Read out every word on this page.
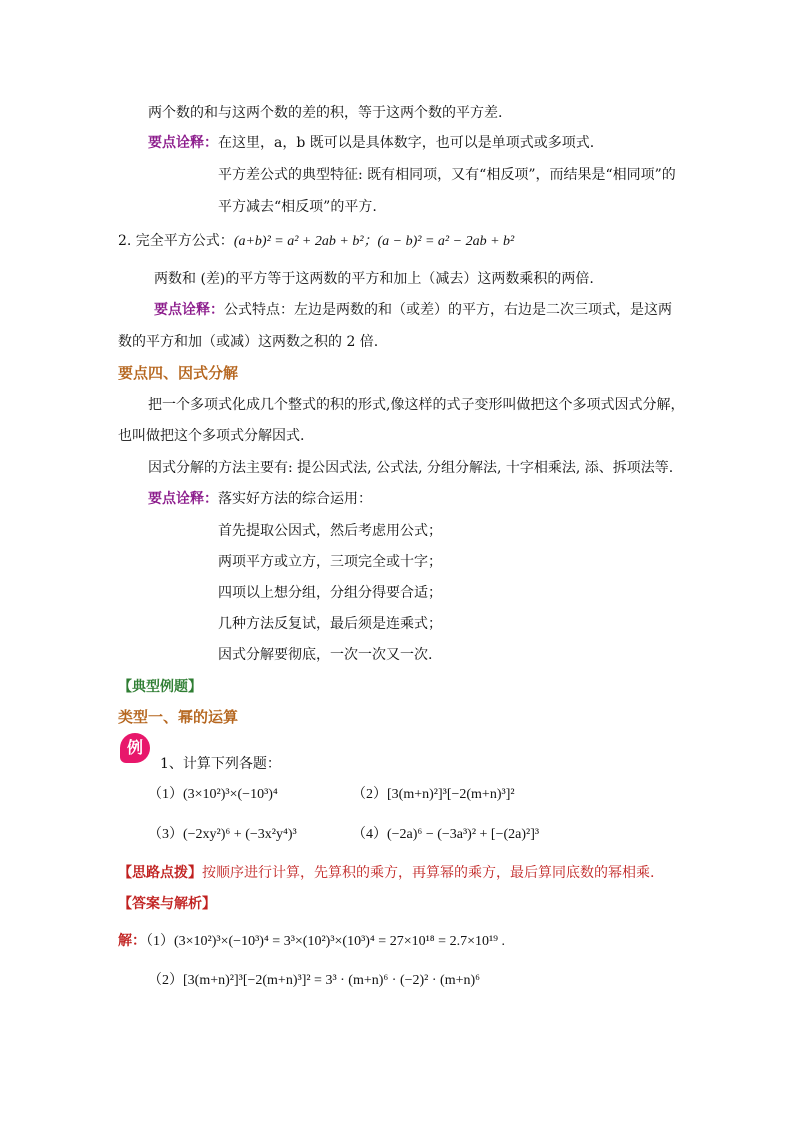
两个数的和与这两个数的差的积，等于这两个数的平方差.
要点诠释：在这里，a，b 既可以是具体数字，也可以是单项式或多项式.
平方差公式的典型特征: 既有相同项，又有“相反项”，而结果是“相同项”的
平方减去“相反项”的平方.
2. 完全平方公式：(a+b)² = a² + 2ab + b²；(a − b)² = a² − 2ab + b²
两数和 (差)的平方等于这两数的平方和加上（减去）这两数乘积的两倍.
要点诠释：公式特点：左边是两数的和（或差）的平方，右边是二次三项式，是这两
数的平方和加（或减）这两数之积的 2 倍.
要点四、因式分解
把一个多项式化成几个整式的积的形式,像这样的式子变形叫做把这个多项式因式分解，
也叫做把这个多项式分解因式.
因式分解的方法主要有: 提公因式法, 公式法, 分组分解法, 十字相乘法, 添、拆项法等.
要点诠释：落实好方法的综合运用：
首先提取公因式，然后考虑用公式；
两项平方或立方，三项完全或十字；
四项以上想分组，分组分得要合适；
几种方法反复试，最后须是连乘式；
因式分解要彻底，一次一次又一次.
【典型例题】
类型一、幂的运算
例
1、计算下列各题：
（1）(3×10²)³×(−10³)⁴	（2）[3(m+n)²]³[−2(m+n)³]²
（3）(−2xy²)⁶ + (−3x²y⁴)³	（4）(−2a)⁶ − (−3a³)² + [−(2a)²]³
【思路点拨】按顺序进行计算，先算积的乘方，再算幂的乘方，最后算同底数的幂相乘.
【答案与解析】
解：（1）(3×10²)³×(−10³)⁴ = 3³×(10²)³×(10³)⁴ = 27×10¹⁸ = 2.7×10¹⁹ .
（2）[3(m+n)²]³[−2(m+n)³]² = 3³ · (m+n)⁶ · (−2)² · (m+n)⁶
